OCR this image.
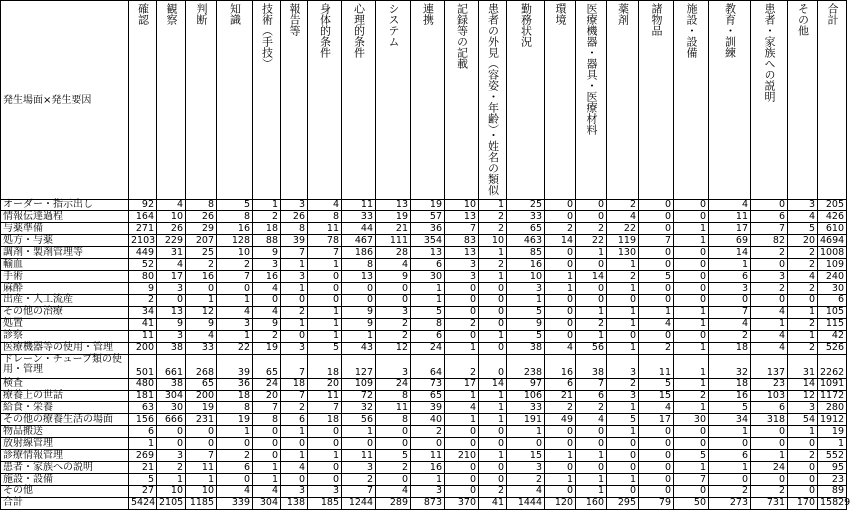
発生場面×発生要因	確認	観察	判断	知識	技術（手技）	報告等	身体的条件	心理的条件	システム	連携	記録等の記載	患者の外見（容姿・年齢）・姓名の類似	勤務状況	環境	医療機器・器具・医療材料	薬剤	諸物品	施設・設備	教育・訓練	患者・家族への説明	その他	合計
オーダー・指示出し	92	4	8	5	1	3	4	11	13	19	10	1	25	0	0	2	0	0	4	0	3	205
情報伝達過程	164	10	26	8	2	26	8	33	19	57	13	2	33	0	0	4	0	0	11	6	4	426
与薬準備	271	26	29	16	18	8	11	44	21	36	7	2	65	2	2	22	0	1	17	7	5	610
処方・与薬	2103	229	207	128	88	39	78	467	111	354	83	10	463	14	22	119	7	1	69	82	20	4694
調剤・製剤管理等	449	31	25	10	9	7	7	186	28	13	13	1	85	0	1	130	0	0	14	2	2	1008
輸血	52	4	2	2	3	1	1	8	4	6	3	2	16	0	0	1	0	0	1	0	2	109
手術	80	17	16	7	16	3	0	13	9	30	3	1	10	1	14	2	5	0	6	3	4	240
麻酔	9	3	0	0	4	1	0	0	0	1	0	0	3	1	0	1	0	0	3	2	2	30
出産・人工流産	2	0	1	1	0	0	0	0	0	1	0	0	1	0	0	0	0	0	0	0	0	6
その他の治療	34	13	12	4	4	2	1	9	3	5	0	0	5	0	1	1	1	1	7	4	1	105
処置	41	9	9	3	9	1	1	9	2	8	2	0	9	0	2	1	4	1	4	1	2	115
診察	11	3	4	1	2	0	1	1	2	6	0	1	5	0	1	0	0	0	2	4	1	42
医療機器等の使用・管理	200	38	33	22	19	3	5	43	12	24	1	0	38	4	56	1	2	1	18	4	2	526
ドレーン・チューブ類の使用・管理	501	661	268	39	65	7	18	127	3	64	2	0	238	16	38	3	11	1	32	137	31	2262
検査	480	38	65	36	24	18	20	109	24	73	17	14	97	6	7	2	5	1	18	23	14	1091
療養上の世話	181	304	200	18	20	7	11	72	8	65	1	1	106	21	6	3	15	2	16	103	12	1172
給食・栄養	63	30	19	8	7	2	7	32	11	39	4	1	33	2	2	1	4	1	5	6	3	280
その他の療養生活の場面	156	666	231	19	8	6	18	56	8	40	1	1	191	49	4	5	17	30	34	318	54	1912
物品搬送	6	0	0	1	0	1	0	1	0	2	0	0	1	0	0	1	0	0	1	0	1	19
放射線管理	1	0	0	0	0	0	0	0	0	0	0	0	0	0	0	0	0	0	0	0	0	1
診療情報管理	269	3	7	2	0	1	1	11	5	11	210	1	15	1	1	0	0	5	6	1	2	552
患者・家族への説明	21	2	11	6	1	4	0	3	2	16	0	0	3	0	0	0	0	1	1	24	0	95
施設・設備	5	1	1	0	1	0	0	2	0	1	0	0	2	1	1	1	0	7	0	0	0	23
その他	27	10	10	4	4	3	3	7	4	3	0	2	4	0	1	0	0	0	2	2	0	89
合計	5424	2105	1185	339	304	138	185	1244	289	873	370	41	1444	120	160	295	79	50	273	731	170	15829
